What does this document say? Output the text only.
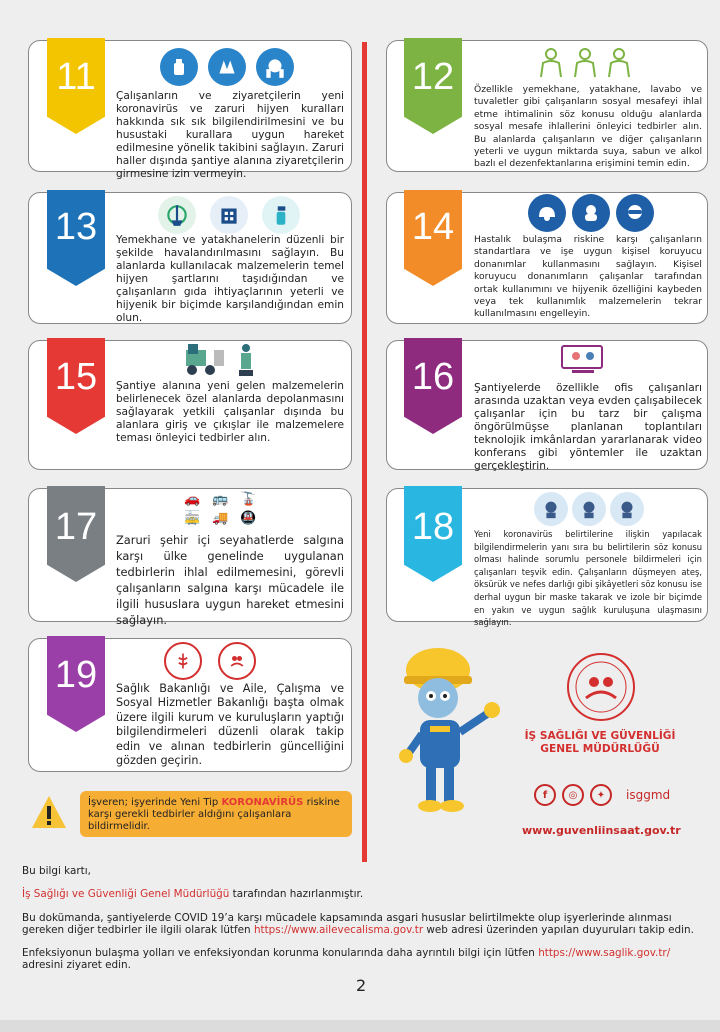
11	Çalışanların ve ziyaretçilerin yeni koronavirüs ve zaruri hijyen kuralları hakkında sık sık bilgilendirilmesini ve bu husustaki kurallara uygun hareket edilmesine yönelik takibini sağlayın. Zaruri haller dışında şantiye alanına ziyaretçilerin girmesine izin vermeyin.
12	Özellikle yemekhane, yatakhane, lavabo ve tuvaletler gibi çalışanların sosyal mesafeyi ihlal etme ihtimalinin söz konusu olduğu alanlarda sosyal mesafe ihlallerini önleyici tedbirler alın. Bu alanlarda çalışanların ve diğer çalışanların yeterli ve uygun miktarda suya, sabun ve alkol bazlı el dezenfektanlarına erişimini temin edin.
13	Yemekhane ve yatakhanelerin düzenli bir şekilde havalandırılmasını sağlayın. Bu alanlarda kullanılacak malzemelerin temel hijyen şartlarını taşıdığından ve çalışanların gıda ihtiyaçlarının yeterli ve hijyenik bir biçimde karşılandığından emin olun.
14	Hastalık bulaşma riskine karşı çalışanların standartlara ve işe uygun kişisel koruyucu donanımlar kullanmasını sağlayın. Kişisel koruyucu donanımların çalışanlar tarafından ortak kullanımını ve hijyenik özelliğini kaybeden veya tek kullanımlık malzemelerin tekrar kullanılmasını engelleyin.
15	Şantiye alanına yeni gelen malzemelerin belirlenecek özel alanlarda depolanmasını sağlayarak yetkili çalışanlar dışında bu alanlara giriş ve çıkışlar ile malzemelere teması önleyici tedbirler alın.
16	Şantiyelerde özellikle ofis çalışanları arasında uzaktan veya evden çalışabilecek çalışanlar için bu tarz bir çalışma öngörülmüşse planlanan toplantıları teknolojik imkânlardan yararlanarak video konferans gibi yöntemler ile uzaktan gerçekleştirin.
17
🚗 🚌 🚡
🚋 🚚 🚇
Zaruri şehir içi seyahatlerde salgına karşı ülke genelinde uygulanan tedbirlerin ihlal edilmemesini, görevli çalışanların salgına karşı mücadele ile ilgili hususlara uygun hareket etmesini sağlayın.
18	Yeni koronavirüs belirtilerine ilişkin yapılacak bilgilendirmelerin yanı sıra bu belirtilerin söz konusu olması halinde sorumlu personele bildirmeleri için çalışanları teşvik edin. Çalışanların düşmeyen ateş, öksürük ve nefes darlığı gibi şikâyetleri söz konusu ise derhal uygun bir maske takarak ve izole bir biçimde en yakın ve uygun sağlık kuruluşuna ulaşmasını sağlayın.
19	Sağlık Bakanlığı ve Aile, Çalışma ve Sosyal Hizmetler Bakanlığı başta olmak üzere ilgili kurum ve kuruluşların yaptığı bilgilendirmeleri düzenli olarak takip edin ve alınan tedbirlerin güncelliğini gözden geçirin.
İşveren; işyerinde Yeni Tip KORONAVİRÜS riskine karşı gerekli tedbirler aldığını çalışanlara bildirmelidir.
İŞ SAĞLIĞI VE GÜVENLİĞİ
GENEL MÜDÜRLÜĞÜ
f	◎	✦	isggmd
www.guvenliinsaat.gov.tr
Bu bilgi kartı,
İş Sağlığı ve Güvenliği Genel Müdürlüğü tarafından hazırlanmıştır.
Bu dokümanda, şantiyelerde COVID 19’a karşı mücadele kapsamında asgari hususlar belirtilmekte olup işyerlerinde alınması gereken diğer tedbirler ile ilgili olarak lütfen https://www.ailevecalisma.gov.tr web adresi üzerinden yapılan duyuruları takip edin.
Enfeksiyonun bulaşma yolları ve enfeksiyondan korunma konularında daha ayrıntılı bilgi için lütfen https://www.saglik.gov.tr/ adresini ziyaret edin.
2
